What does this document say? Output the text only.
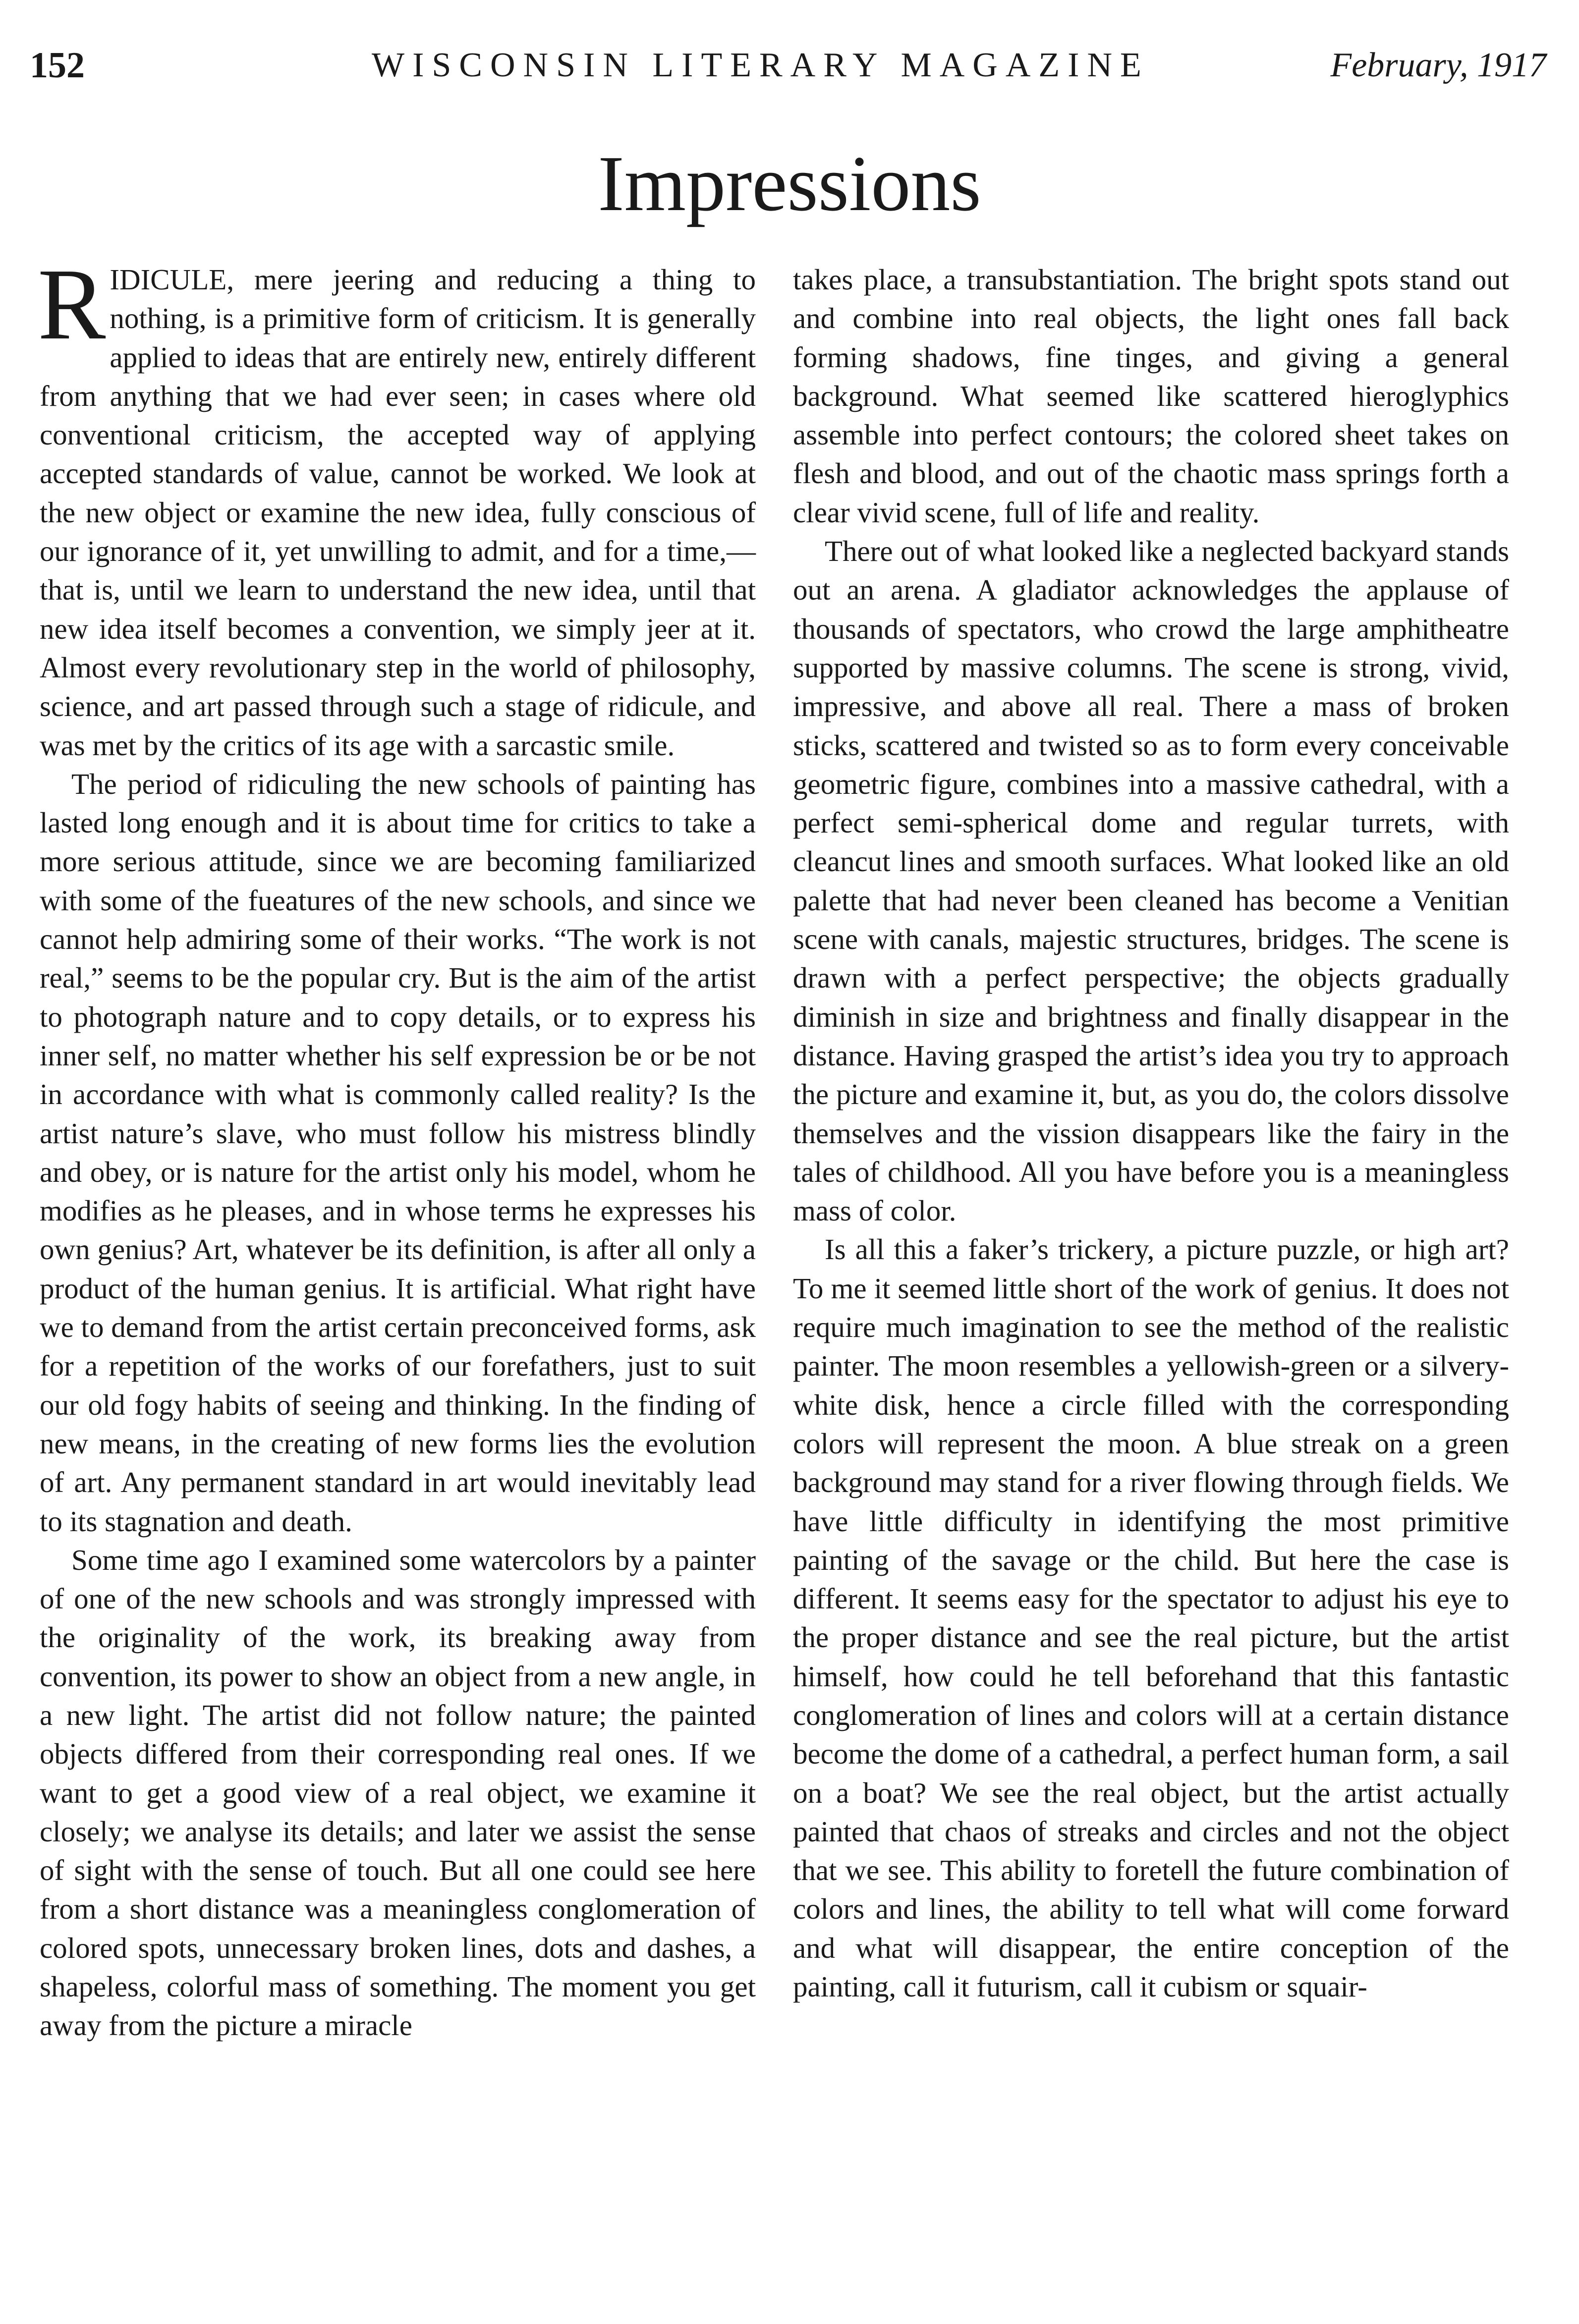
152	WISCONSIN LITERARY MAGAZINE	February, 1917
Impressions

RIDICULE, mere jeering and reducing a thing to nothing, is a primitive form of criticism. It is generally applied to ideas that are entirely new, entirely different from anything that we had ever seen; in cases where old conventional criticism, the accepted way of applying accepted standards of value, cannot be worked. We look at the new object or examine the new idea, fully conscious of our ignorance of it, yet unwilling to admit, and for a time,—that is, until we learn to understand the new idea, until that new idea itself becomes a convention, we simply jeer at it. Almost every revolutionary step in the world of philosophy, science, and art passed through such a stage of ridicule, and was met by the critics of its age with a sarcastic smile.

The period of ridiculing the new schools of painting has lasted long enough and it is about time for critics to take a more serious attitude, since we are becoming familiarized with some of the fueatures of the new schools, and since we cannot help admiring some of their works. “The work is not real,” seems to be the popular cry. But is the aim of the artist to photograph nature and to copy details, or to express his inner self, no matter whether his self expression be or be not in accordance with what is commonly called reality? Is the artist nature’s slave, who must follow his mistress blindly and obey, or is nature for the artist only his model, whom he modifies as he pleases, and in whose terms he expresses his own genius? Art, whatever be its definition, is after all only a product of the human genius. It is artificial. What right have we to demand from the artist certain preconceived forms, ask for a repetition of the works of our forefathers, just to suit our old fogy habits of seeing and thinking. In the finding of new means, in the creating of new forms lies the evolution of art. Any permanent standard in art would inevitably lead to its stagnation and death.

Some time ago I examined some watercolors by a painter of one of the new schools and was strongly impressed with the originality of the work, its breaking away from convention, its power to show an object from a new angle, in a new light. The artist did not follow nature; the painted objects differed from their corresponding real ones. If we want to get a good view of a real object, we examine it closely; we analyse its details; and later we assist the sense of sight with the sense of touch. But all one could see here from a short distance was a meaningless conglomeration of colored spots, unnecessary broken lines, dots and dashes, a shapeless, colorful mass of something. The moment you get away from the picture a miracle

takes place, a transubstantiation. The bright spots stand out and combine into real objects, the light ones fall back forming shadows, fine tinges, and giving a general background. What seemed like scattered hieroglyphics assemble into perfect contours; the colored sheet takes on flesh and blood, and out of the chaotic mass springs forth a clear vivid scene, full of life and reality.

There out of what looked like a neglected backyard stands out an arena. A gladiator acknowledges the applause of thousands of spectators, who crowd the large amphitheatre supported by massive columns. The scene is strong, vivid, impressive, and above all real. There a mass of broken sticks, scattered and twisted so as to form every conceivable geometric figure, combines into a massive cathedral, with a perfect semi-spherical dome and regular turrets, with cleancut lines and smooth surfaces. What looked like an old palette that had never been cleaned has become a Venitian scene with canals, majestic structures, bridges. The scene is drawn with a perfect perspective; the objects gradually diminish in size and brightness and finally disappear in the distance. Having grasped the artist’s idea you try to approach the picture and examine it, but, as you do, the colors dissolve themselves and the vission disappears like the fairy in the tales of childhood. All you have before you is a meaningless mass of color.

Is all this a faker’s trickery, a picture puzzle, or high art? To me it seemed little short of the work of genius. It does not require much imagination to see the method of the realistic painter. The moon resembles a yellowish-green or a silvery-white disk, hence a circle filled with the corresponding colors will represent the moon. A blue streak on a green background may stand for a river flowing through fields. We have little difficulty in identifying the most primitive painting of the savage or the child. But here the case is different. It seems easy for the spectator to adjust his eye to the proper distance and see the real picture, but the artist himself, how could he tell beforehand that this fantastic conglomeration of lines and colors will at a certain distance become the dome of a cathedral, a perfect human form, a sail on a boat? We see the real object, but the artist actually painted that chaos of streaks and circles and not the object that we see. This ability to foretell the future combination of colors and lines, the ability to tell what will come forward and what will disappear, the entire conception of the painting, call it futurism, call it cubism or squair-
